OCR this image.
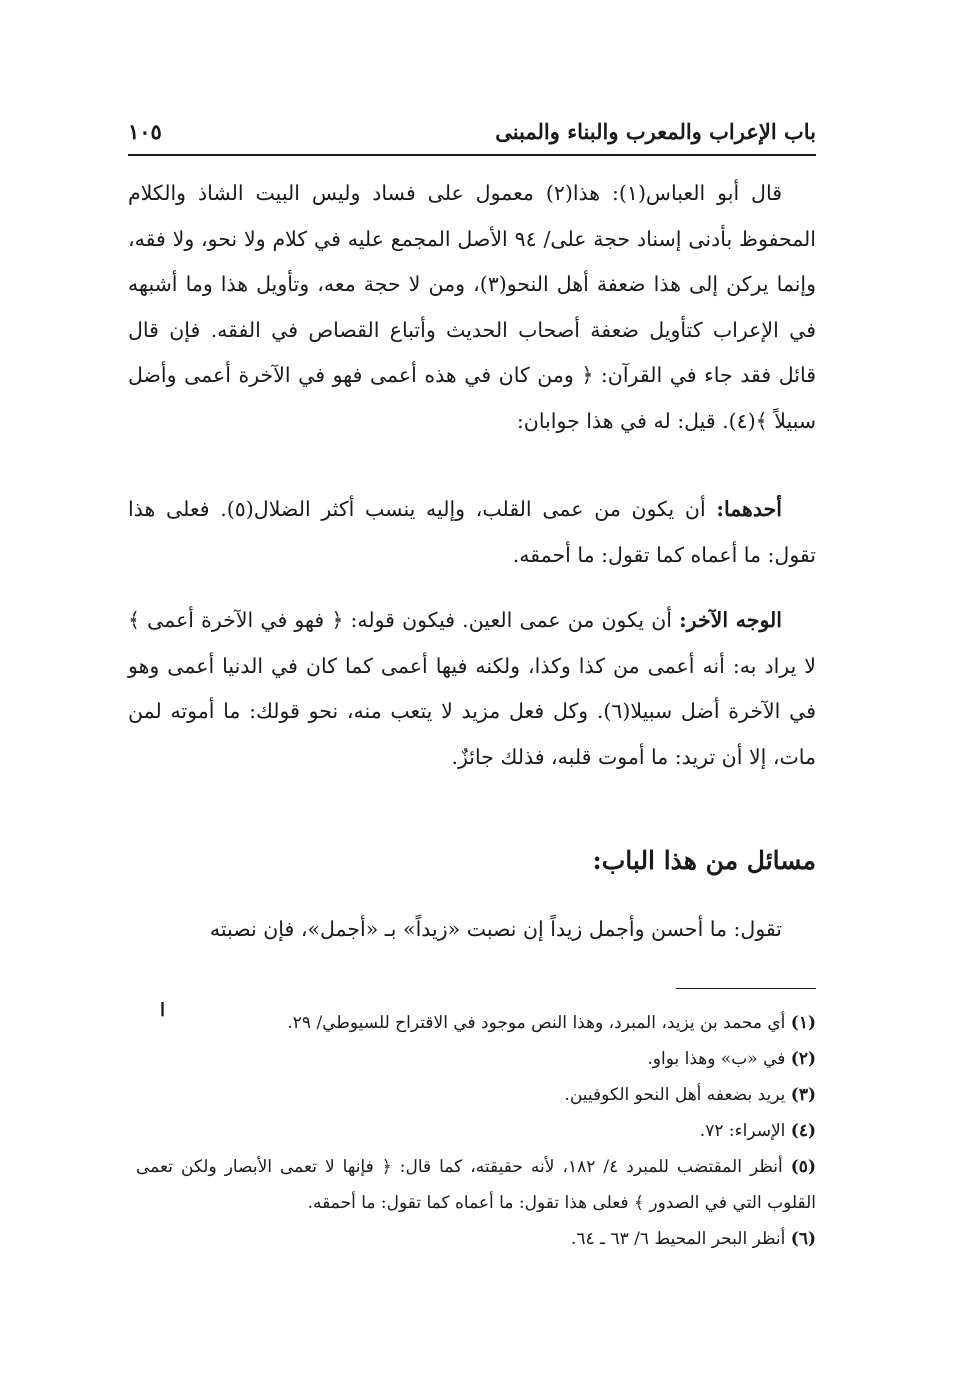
باب الإعراب والمعرب والبناء والمبنى
١٠٥

قال أبو العباس(١): هذا(٢) معمول على فساد وليس البيت الشاذ والكلام المحفوظ بأدنى إسناد حجة على/ ٩٤ الأصل المجمع عليه في كلام ولا نحو، ولا فقه، وإنما يركن إلى هذا ضعفة أهل النحو(٣)، ومن لا حجة معه، وتأويل هذا وما أشبهه في الإعراب كتأويل ضعفة أصحاب الحديث وأتباع القصاص في الفقه. فإن قال قائل فقد جاء في القرآن: ﴿ ومن كان في هذه أعمى فهو في الآخرة أعمى وأضل سبيلاً ﴾(٤). قيل: له في هذا جوابان:

أحدهما: أن يكون من عمى القلب، وإليه ينسب أكثر الضلال(٥). فعلى هذا تقول: ما أعماه كما تقول: ما أحمقه.

الوجه الآخر: أن يكون من عمى العين. فيكون قوله: ﴿ فهو في الآخرة أعمى ﴾ لا يراد به: أنه أعمى من كذا وكذا، ولكنه فيها أعمى كما كان في الدنيا أعمى وهو في الآخرة أضل سبيلا(٦). وكل فعل مزيد لا يتعب منه، نحو قولك: ما أموته لمن مات، إلا أن تريد: ما أموت قلبه، فذلك جائزٌ.

مسائل من هذا الباب:

تقول: ما أحسن وأجمل زيداً إن نصبت «زيداً» بـ «أجمل»، فإن نصبته

ا

(١) أي محمد بن يزيد، المبرد، وهذا النص موجود في الاقتراح للسيوطي/ ٢٩.

(٢) في «ب» وهذا بواو.

(٣) يريد بضعفه أهل النحو الكوفيين.

(٤) الإسراء: ٧٢.

(٥) أنظر المقتضب للمبرد ٤/ ١٨٢، لأنه حقيقته، كما قال: ﴿ فإنها لا تعمى الأبصار ولكن تعمى القلوب التي في الصدور ﴾ فعلى هذا تقول: ما أعماه كما تقول: ما أحمقه.

(٦) أنظر البحر المحيط ٦/ ٦٣ ـ ٦٤.
